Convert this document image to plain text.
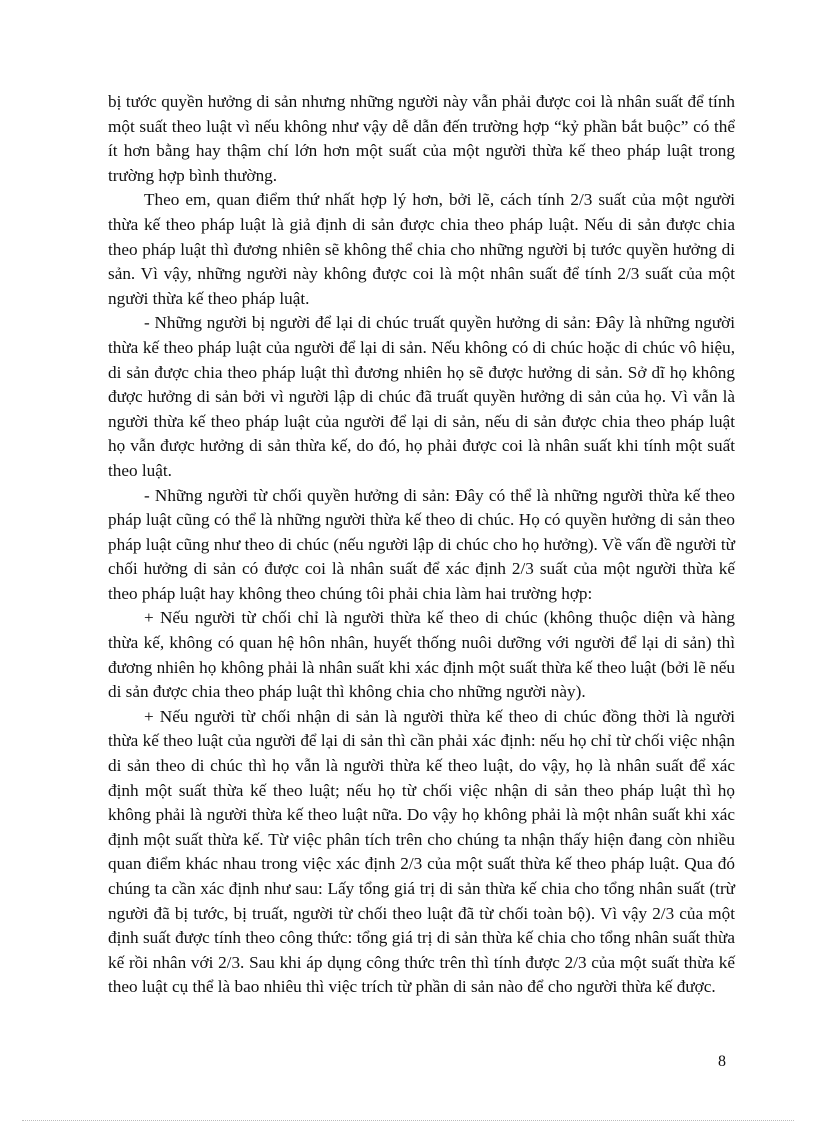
bị tước quyền hưởng di sản nhưng những người này vẫn phải được coi là nhân suất để tính một suất theo luật vì nếu không như vậy dễ dẫn đến trường hợp “kỷ phần bắt buộc” có thể ít hơn bằng hay thậm chí lớn hơn một suất của một người thừa kế theo pháp luật trong trường hợp bình thường.

Theo em, quan điểm thứ nhất hợp lý hơn, bởi lẽ, cách tính 2/3 suất của một người thừa kế theo pháp luật là giả định di sản được chia theo pháp luật. Nếu di sản được chia theo pháp luật thì đương nhiên sẽ không thể chia cho những người bị tước quyền hưởng di sản. Vì vậy, những người này không được coi là một nhân suất để tính 2/3 suất của một người thừa kế theo pháp luật.

- Những người bị người để lại di chúc truất quyền hưởng di sản: Đây là những người thừa kế theo pháp luật của người để lại di sản. Nếu không có di chúc hoặc di chúc vô hiệu, di sản được chia theo pháp luật thì đương nhiên họ sẽ được hưởng di sản. Sở dĩ họ không được hưởng di sản bởi vì người lập di chúc đã truất quyền hưởng di sản của họ. Vì vẫn là người thừa kế theo pháp luật của người để lại di sản, nếu di sản được chia theo pháp luật họ vẫn được hưởng di sản thừa kế, do đó, họ phải được coi là nhân suất khi tính một suất theo luật.

- Những người từ chối quyền hưởng di sản: Đây có thể là những người thừa kế theo pháp luật cũng có thể là những người thừa kế theo di chúc. Họ có quyền hưởng di sản theo pháp luật cũng như theo di chúc (nếu người lập di chúc cho họ hưởng). Về vấn đề người từ chối hưởng di sản có được coi là nhân suất để xác định 2/3 suất của một người thừa kế theo pháp luật hay không theo chúng tôi phải chia làm hai trường hợp:

+ Nếu người từ chối chỉ là người thừa kế theo di chúc (không thuộc diện và hàng thừa kế, không có quan hệ hôn nhân, huyết thống nuôi dưỡng với người để lại di sản) thì đương nhiên họ không phải là nhân suất khi xác định một suất thừa kế theo luật (bởi lẽ nếu di sản được chia theo pháp luật thì không chia cho những người này).

+ Nếu người từ chối nhận di sản là người thừa kế theo di chúc đồng thời là người thừa kế theo luật của người để lại di sản thì cần phải xác định: nếu họ chỉ từ chối việc nhận di sản theo di chúc thì họ vẫn là người thừa kế theo luật, do vậy, họ là nhân suất để xác định một suất thừa kế theo luật; nếu họ từ chối việc nhận di sản theo pháp luật thì họ không phải là người thừa kế theo luật nữa. Do vậy họ không phải là một nhân suất khi xác định một suất thừa kế. Từ việc phân tích trên cho chúng ta nhận thấy hiện đang còn nhiều quan điểm khác nhau trong việc xác định 2/3 của một suất thừa kế theo pháp luật. Qua đó chúng ta cần xác định như sau: Lấy tổng giá trị di sản thừa kế chia cho tổng nhân suất (trừ người đã bị tước, bị truất, người từ chối theo luật đã từ chối toàn bộ). Vì vậy 2/3 của một định suất được tính theo công thức: tổng giá trị di sản thừa kế chia cho tổng nhân suất thừa kế rồi nhân với 2/3. Sau khi áp dụng công thức trên thì tính được 2/3 của một suất thừa kế theo luật cụ thể là bao nhiêu thì việc trích từ phần di sản nào để cho người thừa kế được.

8
